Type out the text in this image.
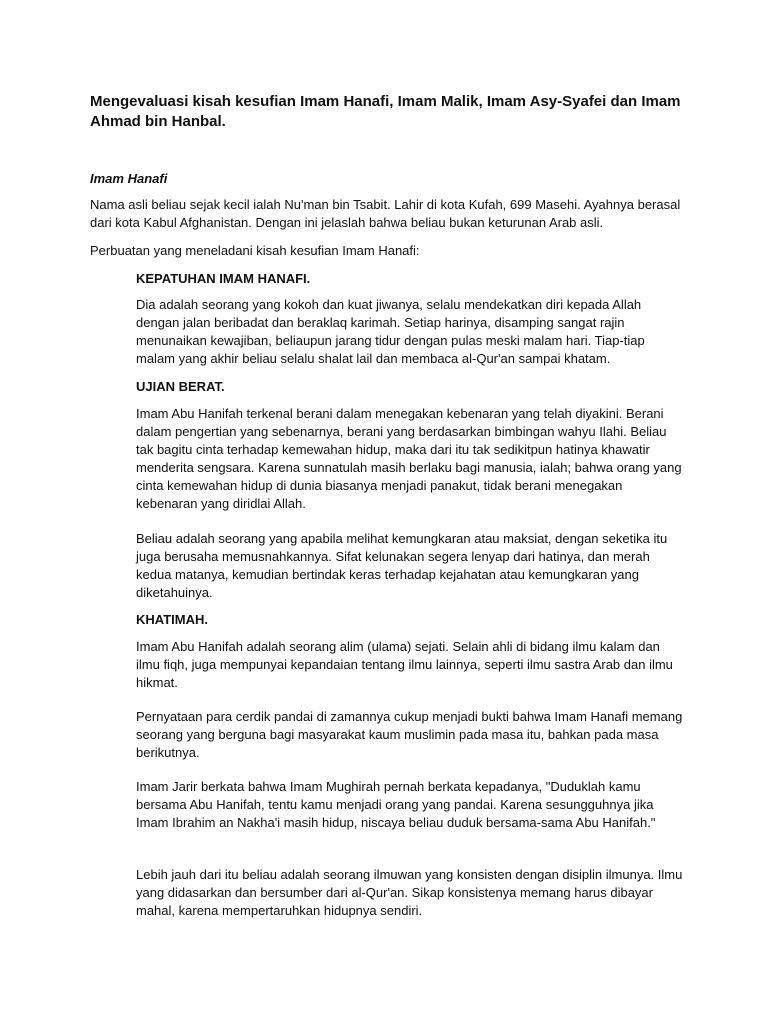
Mengevaluasi kisah kesufian Imam Hanafi, Imam Malik, Imam Asy-Syafei dan Imam Ahmad bin Hanbal.

Imam Hanafi

Nama asli beliau sejak kecil ialah Nu'man bin Tsabit. Lahir di kota Kufah, 699 Masehi. Ayahnya berasal dari kota Kabul Afghanistan. Dengan ini jelaslah bahwa beliau bukan keturunan Arab asli.

Perbuatan yang meneladani kisah kesufian Imam Hanafi:

KEPATUHAN IMAM HANAFI.

Dia adalah seorang yang kokoh dan kuat jiwanya, selalu mendekatkan diri kepada Allah dengan jalan beribadat dan beraklaq karimah. Setiap harinya, disamping sangat rajin menunaikan kewajiban, beliaupun jarang tidur dengan pulas meski malam hari. Tiap-tiap malam yang akhir beliau selalu shalat lail dan membaca al-Qur'an sampai khatam.

UJIAN BERAT.

Imam Abu Hanifah terkenal berani dalam menegakan kebenaran yang telah diyakini. Berani dalam pengertian yang sebenarnya, berani yang berdasarkan bimbingan wahyu Ilahi. Beliau tak bagitu cinta terhadap kemewahan hidup, maka dari itu tak sedikitpun hatinya khawatir menderita sengsara. Karena sunnatulah masih berlaku bagi manusia, ialah; bahwa orang yang cinta kemewahan hidup di dunia biasanya menjadi panakut, tidak berani menegakan kebenaran yang diridlai Allah.

Beliau adalah seorang yang apabila melihat kemungkaran atau maksiat, dengan seketika itu juga berusaha memusnahkannya. Sifat kelunakan segera lenyap dari hatinya, dan merah kedua matanya, kemudian bertindak keras terhadap kejahatan atau kemungkaran yang diketahuinya.

KHATIMAH.

Imam Abu Hanifah adalah seorang alim (ulama) sejati. Selain ahli di bidang ilmu kalam dan ilmu fiqh, juga mempunyai kepandaian tentang ilmu lainnya, seperti ilmu sastra Arab dan ilmu hikmat.

Pernyataan para cerdik pandai di zamannya cukup menjadi bukti bahwa Imam Hanafi memang seorang yang berguna bagi masyarakat kaum muslimin pada masa itu, bahkan pada masa berikutnya.

Imam Jarir berkata bahwa Imam Mughirah pernah berkata kepadanya, "Duduklah kamu bersama Abu Hanifah, tentu kamu menjadi orang yang pandai. Karena sesungguhnya jika Imam Ibrahim an Nakha'i masih hidup, niscaya beliau duduk bersama-sama Abu Hanifah."

Lebih jauh dari itu beliau adalah seorang ilmuwan yang konsisten dengan disiplin ilmunya. Ilmu yang didasarkan dan bersumber dari al-Qur'an. Sikap konsistenya memang harus dibayar mahal, karena mempertaruhkan hidupnya sendiri.
